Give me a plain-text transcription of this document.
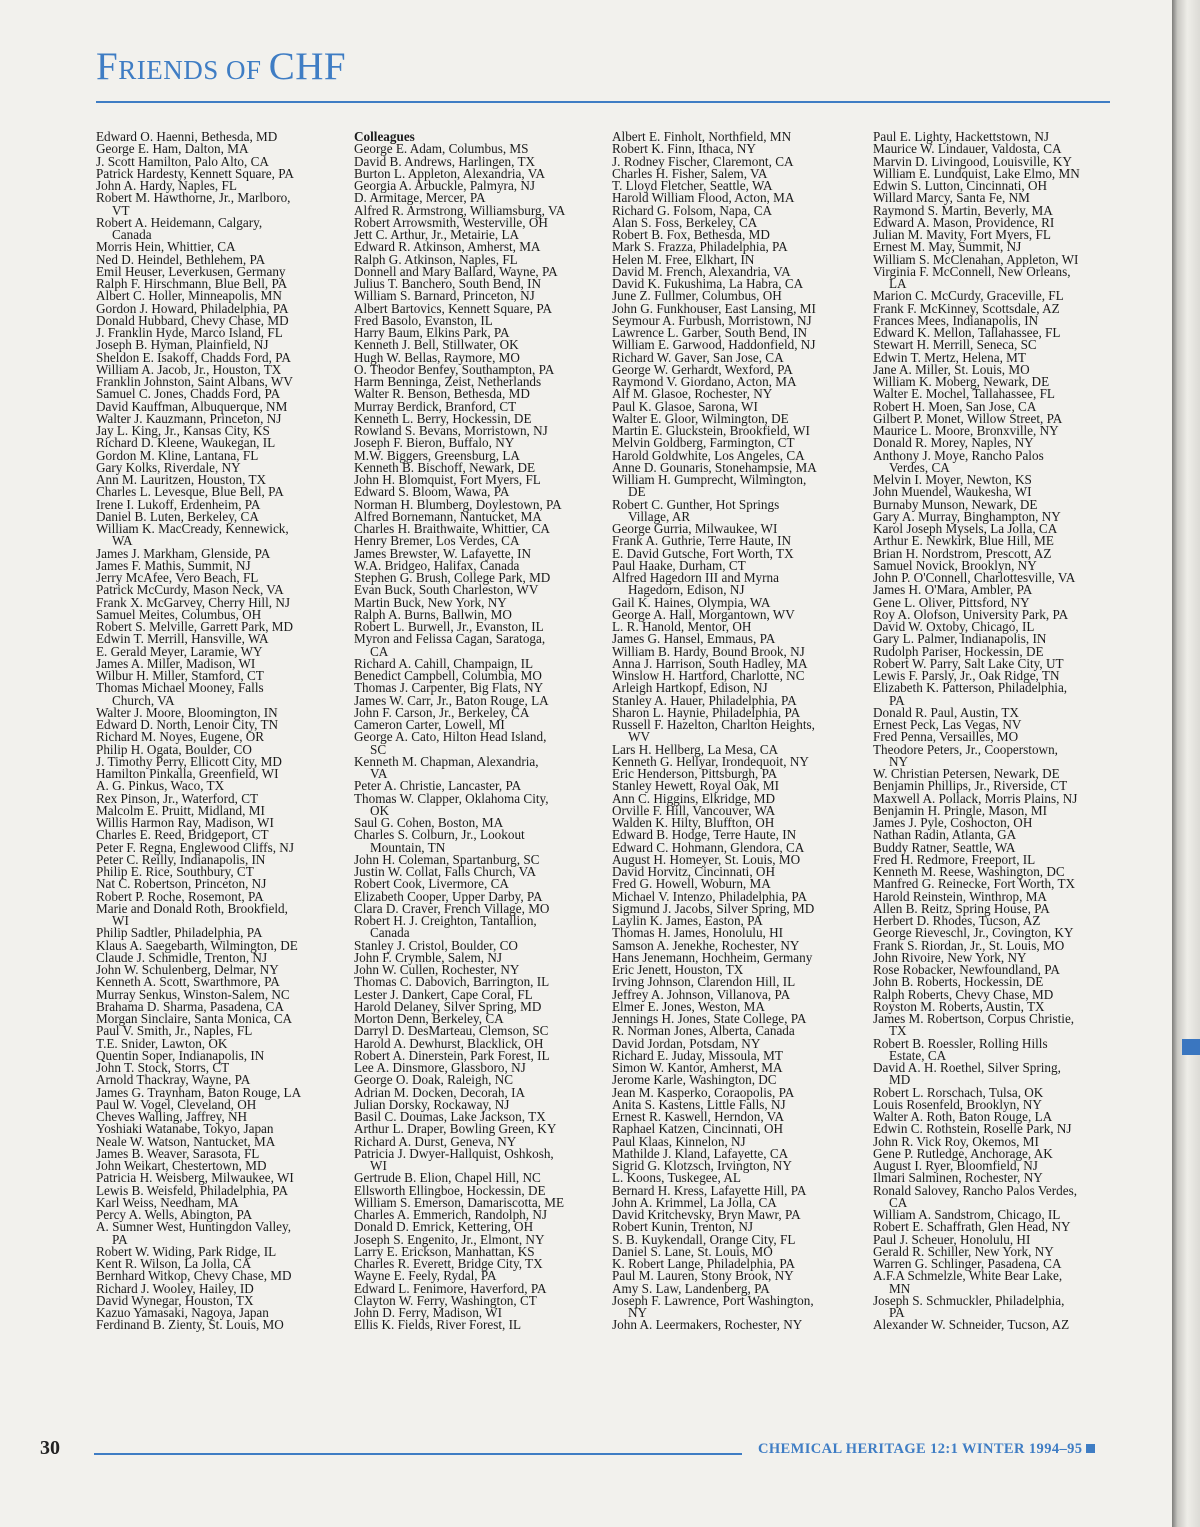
FRIENDS OF CHF
Edward O. Haenni, Bethesda, MD
George E. Ham, Dalton, MA
J. Scott Hamilton, Palo Alto, CA
Patrick Hardesty, Kennett Square, PA
John A. Hardy, Naples, FL
Robert M. Hawthorne, Jr., Marlboro,
VT
Robert A. Heidemann, Calgary,
Canada
Morris Hein, Whittier, CA
Ned D. Heindel, Bethlehem, PA
Emil Heuser, Leverkusen, Germany
Ralph F. Hirschmann, Blue Bell, PA
Albert C. Holler, Minneapolis, MN
Gordon J. Howard, Philadelphia, PA
Donald Hubbard, Chevy Chase, MD
J. Franklin Hyde, Marco Island, FL
Joseph B. Hyman, Plainfield, NJ
Sheldon E. Isakoff, Chadds Ford, PA
William A. Jacob, Jr., Houston, TX
Franklin Johnston, Saint Albans, WV
Samuel C. Jones, Chadds Ford, PA
David Kauffman, Albuquerque, NM
Walter J. Kauzmann, Princeton, NJ
Jay L. King, Jr., Kansas City, KS
Richard D. Kleene, Waukegan, IL
Gordon M. Kline, Lantana, FL
Gary Kolks, Riverdale, NY
Ann M. Lauritzen, Houston, TX
Charles L. Levesque, Blue Bell, PA
Irene I. Lukoff, Erdenheim, PA
Daniel B. Luten, Berkeley, CA
William K. MacCready, Kennewick,
WA
James J. Markham, Glenside, PA
James F. Mathis, Summit, NJ
Jerry McAfee, Vero Beach, FL
Patrick McCurdy, Mason Neck, VA
Frank X. McGarvey, Cherry Hill, NJ
Samuel Meites, Columbus, OH
Robert S. Melville, Garrett Park, MD
Edwin T. Merrill, Hansville, WA
E. Gerald Meyer, Laramie, WY
James A. Miller, Madison, WI
Wilbur H. Miller, Stamford, CT
Thomas Michael Mooney, Falls
Church, VA
Walter J. Moore, Bloomington, IN
Edward D. North, Lenoir City, TN
Richard M. Noyes, Eugene, OR
Philip H. Ogata, Boulder, CO
J. Timothy Perry, Ellicott City, MD
Hamilton Pinkalla, Greenfield, WI
A. G. Pinkus, Waco, TX
Rex Pinson, Jr., Waterford, CT
Malcolm E. Pruitt, Midland, MI
Willis Harmon Ray, Madison, WI
Charles E. Reed, Bridgeport, CT
Peter F. Regna, Englewood Cliffs, NJ
Peter C. Reilly, Indianapolis, IN
Philip E. Rice, Southbury, CT
Nat C. Robertson, Princeton, NJ
Robert P. Roche, Rosemont, PA
Marie and Donald Roth, Brookfield,
WI
Philip Sadtler, Philadelphia, PA
Klaus A. Saegebarth, Wilmington, DE
Claude J. Schmidle, Trenton, NJ
John W. Schulenberg, Delmar, NY
Kenneth A. Scott, Swarthmore, PA
Murray Senkus, Winston-Salem, NC
Brahama D. Sharma, Pasadena, CA
Morgan Sinclaire, Santa Monica, CA
Paul V. Smith, Jr., Naples, FL
T.E. Snider, Lawton, OK
Quentin Soper, Indianapolis, IN
John T. Stock, Storrs, CT
Arnold Thackray, Wayne, PA
James G. Traynham, Baton Rouge, LA
Paul W. Vogel, Cleveland, OH
Cheves Walling, Jaffrey, NH
Yoshiaki Watanabe, Tokyo, Japan
Neale W. Watson, Nantucket, MA
James B. Weaver, Sarasota, FL
John Weikart, Chestertown, MD
Patricia H. Weisberg, Milwaukee, WI
Lewis B. Weisfeld, Philadelphia, PA
Karl Weiss, Needham, MA
Percy A. Wells, Abington, PA
A. Sumner West, Huntingdon Valley,
PA
Robert W. Widing, Park Ridge, IL
Kent R. Wilson, La Jolla, CA
Bernhard Witkop, Chevy Chase, MD
Richard J. Wooley, Hailey, ID
David Wynegar, Houston, TX
Kazuo Yamasaki, Nagoya, Japan
Ferdinand B. Zienty, St. Louis, MO
Colleagues
George E. Adam, Columbus, MS
David B. Andrews, Harlingen, TX
Burton L. Appleton, Alexandria, VA
Georgia A. Arbuckle, Palmyra, NJ
D. Armitage, Mercer, PA
Alfred R. Armstrong, Williamsburg, VA
Robert Arrowsmith, Westerville, OH
Jett C. Arthur, Jr., Metairie, LA
Edward R. Atkinson, Amherst, MA
Ralph G. Atkinson, Naples, FL
Donnell and Mary Ballard, Wayne, PA
Julius T. Banchero, South Bend, IN
William S. Barnard, Princeton, NJ
Albert Bartovics, Kennett Square, PA
Fred Basolo, Evanston, IL
Harry Baum, Elkins Park, PA
Kenneth J. Bell, Stillwater, OK
Hugh W. Bellas, Raymore, MO
O. Theodor Benfey, Southampton, PA
Harm Benninga, Zeist, Netherlands
Walter R. Benson, Bethesda, MD
Murray Berdick, Branford, CT
Kenneth L. Berry, Hockessin, DE
Rowland S. Bevans, Morristown, NJ
Joseph F. Bieron, Buffalo, NY
M.W. Biggers, Greensburg, LA
Kenneth B. Bischoff, Newark, DE
John H. Blomquist, Fort Myers, FL
Edward S. Bloom, Wawa, PA
Norman H. Blumberg, Doylestown, PA
Alfred Bornemann, Nantucket, MA
Charles H. Braithwaite, Whittier, CA
Henry Bremer, Los Verdes, CA
James Brewster, W. Lafayette, IN
W.A. Bridgeo, Halifax, Canada
Stephen G. Brush, College Park, MD
Evan Buck, South Charleston, WV
Martin Buck, New York, NY
Ralph A. Burns, Ballwin, MO
Robert L. Burwell, Jr., Evanston, IL
Myron and Felissa Cagan, Saratoga,
CA
Richard A. Cahill, Champaign, IL
Benedict Campbell, Columbia, MO
Thomas J. Carpenter, Big Flats, NY
James W. Carr, Jr., Baton Rouge, LA
John F. Carson, Jr., Berkeley, CA
Cameron Carter, Lowell, MI
George A. Cato, Hilton Head Island,
SC
Kenneth M. Chapman, Alexandria,
VA
Peter A. Christie, Lancaster, PA
Thomas W. Clapper, Oklahoma City,
OK
Saul G. Cohen, Boston, MA
Charles S. Colburn, Jr., Lookout
Mountain, TN
John H. Coleman, Spartanburg, SC
Justin W. Collat, Falls Church, VA
Robert Cook, Livermore, CA
Elizabeth Cooper, Upper Darby, PA
Clara D. Craver, French Village, MO
Robert H. J. Creighton, Tantallion,
Canada
Stanley J. Cristol, Boulder, CO
John F. Crymble, Salem, NJ
John W. Cullen, Rochester, NY
Thomas C. Dabovich, Barrington, IL
Lester J. Dankert, Cape Coral, FL
Harold Delaney, Silver Spring, MD
Morton Denn, Berkeley, CA
Darryl D. DesMarteau, Clemson, SC
Harold A. Dewhurst, Blacklick, OH
Robert A. Dinerstein, Park Forest, IL
Lee A. Dinsmore, Glassboro, NJ
George O. Doak, Raleigh, NC
Adrian M. Docken, Decorah, IA
Julian Dorsky, Rockaway, NJ
Basil C. Doumas, Lake Jackson, TX
Arthur L. Draper, Bowling Green, KY
Richard A. Durst, Geneva, NY
Patricia J. Dwyer-Hallquist, Oshkosh,
WI
Gertrude B. Elion, Chapel Hill, NC
Ellsworth Ellingboe, Hockessin, DE
William S. Emerson, Damariscotta, ME
Charles A. Emmerich, Randolph, NJ
Donald D. Emrick, Kettering, OH
Joseph S. Engenito, Jr., Elmont, NY
Larry E. Erickson, Manhattan, KS
Charles R. Everett, Bridge City, TX
Wayne E. Feely, Rydal, PA
Edward L. Fenimore, Haverford, PA
Clayton W. Ferry, Washington, CT
John D. Ferry, Madison, WI
Ellis K. Fields, River Forest, IL
Albert E. Finholt, Northfield, MN
Robert K. Finn, Ithaca, NY
J. Rodney Fischer, Claremont, CA
Charles H. Fisher, Salem, VA
T. Lloyd Fletcher, Seattle, WA
Harold William Flood, Acton, MA
Richard G. Folsom, Napa, CA
Alan S. Foss, Berkeley, CA
Robert B. Fox, Bethesda, MD
Mark S. Frazza, Philadelphia, PA
Helen M. Free, Elkhart, IN
David M. French, Alexandria, VA
David K. Fukushima, La Habra, CA
June Z. Fullmer, Columbus, OH
John G. Funkhouser, East Lansing, MI
Seymour A. Furbush, Morristown, NJ
Lawrence L. Garber, South Bend, IN
William E. Garwood, Haddonfield, NJ
Richard W. Gaver, San Jose, CA
George W. Gerhardt, Wexford, PA
Raymond V. Giordano, Acton, MA
Alf M. Glasoe, Rochester, NY
Paul K. Glasoe, Sarona, WI
Walter E. Gloor, Wilmington, DE
Martin E. Gluckstein, Brookfield, WI
Melvin Goldberg, Farmington, CT
Harold Goldwhite, Los Angeles, CA
Anne D. Gounaris, Stonehampsie, MA
William H. Gumprecht, Wilmington,
DE
Robert C. Gunther, Hot Springs
Village, AR
George Gurria, Milwaukee, WI
Frank A. Guthrie, Terre Haute, IN
E. David Gutsche, Fort Worth, TX
Paul Haake, Durham, CT
Alfred Hagedorn III and Myrna
Hagedorn, Edison, NJ
Gail K. Haines, Olympia, WA
George A. Hall, Morgantown, WV
L. R. Hanold, Mentor, OH
James G. Hansel, Emmaus, PA
William B. Hardy, Bound Brook, NJ
Anna J. Harrison, South Hadley, MA
Winslow H. Hartford, Charlotte, NC
Arleigh Hartkopf, Edison, NJ
Stanley A. Hauer, Philadelphia, PA
Sharon L. Haynie, Philadelphia, PA
Russell F. Hazelton, Charlton Heights,
WV
Lars H. Hellberg, La Mesa, CA
Kenneth G. Hellyar, Irondequoit, NY
Eric Henderson, Pittsburgh, PA
Stanley Hewett, Royal Oak, MI
Ann C. Higgins, Elkridge, MD
Orville F. Hill, Vancouver, WA
Walden K. Hilty, Bluffton, OH
Edward B. Hodge, Terre Haute, IN
Edward C. Hohmann, Glendora, CA
August H. Homeyer, St. Louis, MO
David Horvitz, Cincinnati, OH
Fred G. Howell, Woburn, MA
Michael V. Intenzo, Philadelphia, PA
Sigmund J. Jacobs, Silver Spring, MD
Laylin K. James, Easton, PA
Thomas H. James, Honolulu, HI
Samson A. Jenekhe, Rochester, NY
Hans Jenemann, Hochheim, Germany
Eric Jenett, Houston, TX
Irving Johnson, Clarendon Hill, IL
Jeffrey A. Johnson, Villanova, PA
Elmer E. Jones, Weston, MA
Jennings H. Jones, State College, PA
R. Norman Jones, Alberta, Canada
David Jordan, Potsdam, NY
Richard E. Juday, Missoula, MT
Simon W. Kantor, Amherst, MA
Jerome Karle, Washington, DC
Jean M. Kasperko, Coraopolis, PA
Anita S. Kastens, Little Falls, NJ
Ernest R. Kaswell, Herndon, VA
Raphael Katzen, Cincinnati, OH
Paul Klaas, Kinnelon, NJ
Mathilde J. Kland, Lafayette, CA
Sigrid G. Klotzsch, Irvington, NY
L. Koons, Tuskegee, AL
Bernard H. Kress, Lafayette Hill, PA
John A. Krimmel, La Jolla, CA
David Kritchevsky, Bryn Mawr, PA
Robert Kunin, Trenton, NJ
S. B. Kuykendall, Orange City, FL
Daniel S. Lane, St. Louis, MO
K. Robert Lange, Philadelphia, PA
Paul M. Lauren, Stony Brook, NY
Amy S. Law, Landenberg, PA
Joseph F. Lawrence, Port Washington,
NY
John A. Leermakers, Rochester, NY
Paul E. Lighty, Hackettstown, NJ
Maurice W. Lindauer, Valdosta, CA
Marvin D. Livingood, Louisville, KY
William E. Lundquist, Lake Elmo, MN
Edwin S. Lutton, Cincinnati, OH
Willard Marcy, Santa Fe, NM
Raymond S. Martin, Beverly, MA
Edward A. Mason, Providence, RI
Julian M. Mavity, Fort Myers, FL
Ernest M. May, Summit, NJ
William S. McClenahan, Appleton, WI
Virginia F. McConnell, New Orleans,
LA
Marion C. McCurdy, Graceville, FL
Frank F. McKinney, Scottsdale, AZ
Frances Mees, Indianapolis, IN
Edward K. Mellon, Tallahassee, FL
Stewart H. Merrill, Seneca, SC
Edwin T. Mertz, Helena, MT
Jane A. Miller, St. Louis, MO
William K. Moberg, Newark, DE
Walter E. Mochel, Tallahassee, FL
Robert H. Moen, San Jose, CA
Gilbert P. Monet, Willow Street, PA
Maurice L. Moore, Bronxville, NY
Donald R. Morey, Naples, NY
Anthony J. Moye, Rancho Palos
Verdes, CA
Melvin I. Moyer, Newton, KS
John Muendel, Waukesha, WI
Burnaby Munson, Newark, DE
Gary A. Murray, Binghampton, NY
Karol Joseph Mysels, La Jolla, CA
Arthur E. Newkirk, Blue Hill, ME
Brian H. Nordstrom, Prescott, AZ
Samuel Novick, Brooklyn, NY
John P. O'Connell, Charlottesville, VA
James H. O'Mara, Ambler, PA
Gene L. Oliver, Pittsford, NY
Roy A. Olofson, University Park, PA
David W. Oxtoby, Chicago, IL
Gary L. Palmer, Indianapolis, IN
Rudolph Pariser, Hockessin, DE
Robert W. Parry, Salt Lake City, UT
Lewis F. Parsly, Jr., Oak Ridge, TN
Elizabeth K. Patterson, Philadelphia,
PA
Donald R. Paul, Austin, TX
Ernest Peck, Las Vegas, NV
Fred Penna, Versailles, MO
Theodore Peters, Jr., Cooperstown,
NY
W. Christian Petersen, Newark, DE
Benjamin Phillips, Jr., Riverside, CT
Maxwell A. Pollack, Morris Plains, NJ
Benjamin H. Pringle, Mason, MI
James J. Pyle, Coshocton, OH
Nathan Radin, Atlanta, GA
Buddy Ratner, Seattle, WA
Fred H. Redmore, Freeport, IL
Kenneth M. Reese, Washington, DC
Manfred G. Reinecke, Fort Worth, TX
Harold Reinstein, Winthrop, MA
Allen B. Reitz, Spring House, PA
Herbert D. Rhodes, Tucson, AZ
George Rieveschl, Jr., Covington, KY
Frank S. Riordan, Jr., St. Louis, MO
John Rivoire, New York, NY
Rose Robacker, Newfoundland, PA
John B. Roberts, Hockessin, DE
Ralph Roberts, Chevy Chase, MD
Royston M. Roberts, Austin, TX
James M. Robertson, Corpus Christie,
TX
Robert B. Roessler, Rolling Hills
Estate, CA
David A. H. Roethel, Silver Spring,
MD
Robert L. Rorschach, Tulsa, OK
Louis Rosenfeld, Brooklyn, NY
Walter A. Roth, Baton Rouge, LA
Edwin C. Rothstein, Roselle Park, NJ
John R. Vick Roy, Okemos, MI
Gene P. Rutledge, Anchorage, AK
August I. Ryer, Bloomfield, NJ
Ilmari Salminen, Rochester, NY
Ronald Salovey, Rancho Palos Verdes,
CA
William A. Sandstrom, Chicago, IL
Robert E. Schaffrath, Glen Head, NY
Paul J. Scheuer, Honolulu, HI
Gerald R. Schiller, New York, NY
Warren G. Schlinger, Pasadena, CA
A.F.A Schmelzle, White Bear Lake,
MN
Joseph S. Schmuckler, Philadelphia,
PA
Alexander W. Schneider, Tucson, AZ
30	CHEMICAL HERITAGE 12:1 WINTER 1994–95
